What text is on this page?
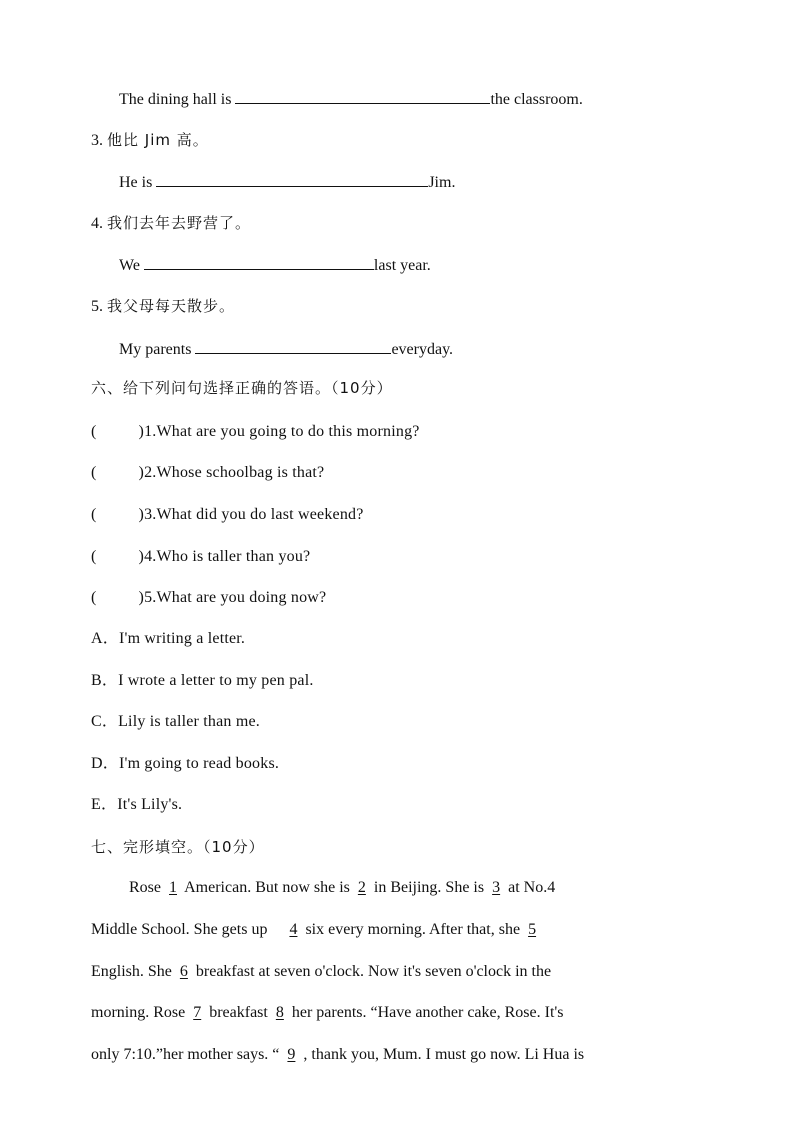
The dining hall is	the classroom.
3. 他比 Jim 高。
He is	Jim.
4. 我们去年去野营了。
We	last year.
5. 我父母每天散步。
My parents	everyday.
六、给下列问句选择正确的答语。（10分）
(	)1.What are you going to do this morning?
(	)2.Whose schoolbag is that?
(	)3.What did you do last weekend?
(	)4.Who is taller than you?
(	)5.What are you doing now?
A．I'm writing a letter.
B．I wrote a letter to my pen pal.
C．Lily is taller than me.
D．I'm going to read books.
E．It's Lily's.
七、完形填空。（10分）
Rose 1 American. But now she is 2 in Beijing. She is 3 at No.4
Middle School. She gets up 4 six every morning. After that, she 5
English. She 6 breakfast at seven o'clock. Now it's seven o'clock in the
morning. Rose 7 breakfast 8 her parents. “Have another cake, Rose. It's
only 7:10.”her mother says. “ 9 , thank you, Mum. I must go now. Li Hua is
